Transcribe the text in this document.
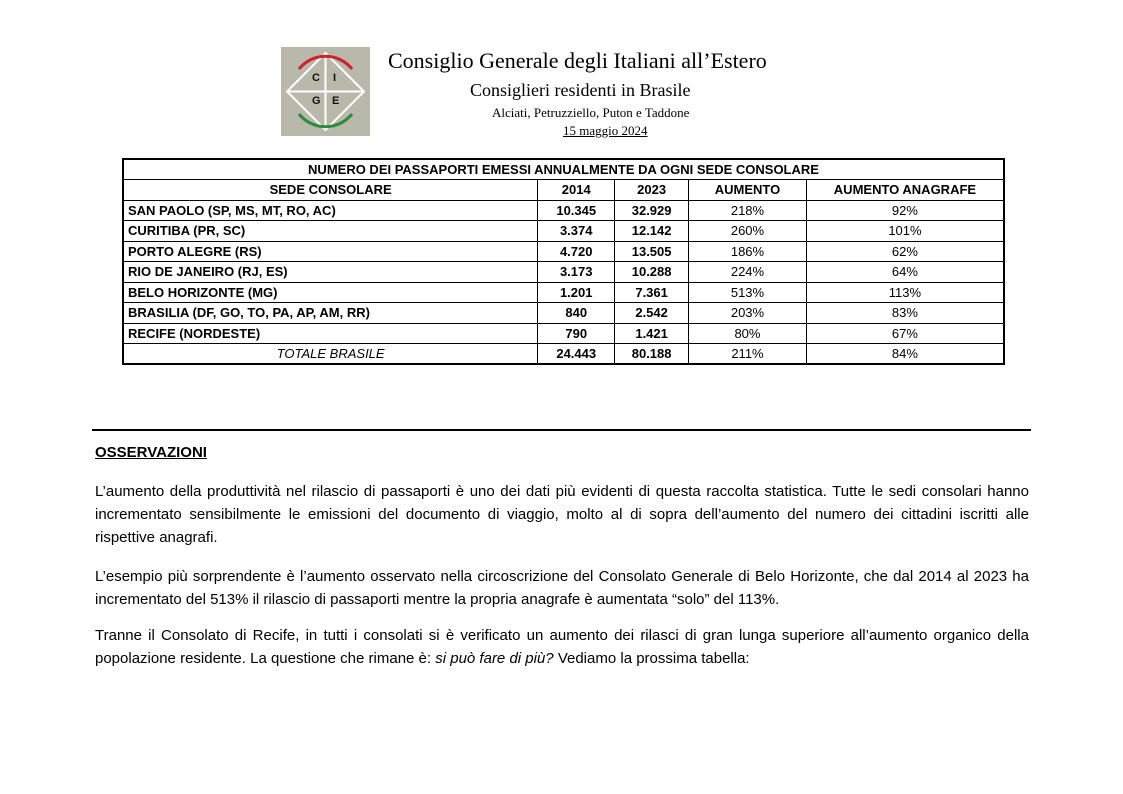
C I
G E
Consiglio Generale degli Italiani all’Estero
Consiglieri residenti in Brasile
Alciati, Petruzziello, Puton e Taddone
15 maggio 2024
NUMERO DEI PASSAPORTI EMESSI ANNUALMENTE DA OGNI SEDE CONSOLARE				
SEDE CONSOLARE	2014	2023	AUMENTO	AUMENTO ANAGRAFE
SAN PAOLO (SP, MS, MT, RO, AC)	10.345	32.929	218%	92%
CURITIBA (PR, SC)	3.374	12.142	260%	101%
PORTO ALEGRE (RS)	4.720	13.505	186%	62%
RIO DE JANEIRO (RJ, ES)	3.173	10.288	224%	64%
BELO HORIZONTE (MG)	1.201	7.361	513%	113%
BRASILIA (DF, GO, TO, PA, AP, AM, RR)	840	2.542	203%	83%
RECIFE (NORDESTE)	790	1.421	80%	67%
TOTALE BRASILE	24.443	80.188	211%	84%
OSSERVAZIONI

L’aumento della produttività nel rilascio di passaporti è uno dei dati più evidenti di questa raccolta statistica. Tutte le sedi consolari hanno incrementato sensibilmente le emissioni del documento di viaggio, molto al di sopra dell’aumento del numero dei cittadini iscritti alle rispettive anagrafi.

L’esempio più sorprendente è l’aumento osservato nella circoscrizione del Consolato Generale di Belo Horizonte, che dal 2014 al 2023 ha incrementato del 513% il rilascio di passaporti mentre la propria anagrafe è aumentata “solo” del 113%.

Tranne il Consolato di Recife, in tutti i consolati si è verificato un aumento dei rilasci di gran lunga superiore all’aumento organico della popolazione residente. La questione che rimane è: si può fare di più? Vediamo la prossima tabella:
